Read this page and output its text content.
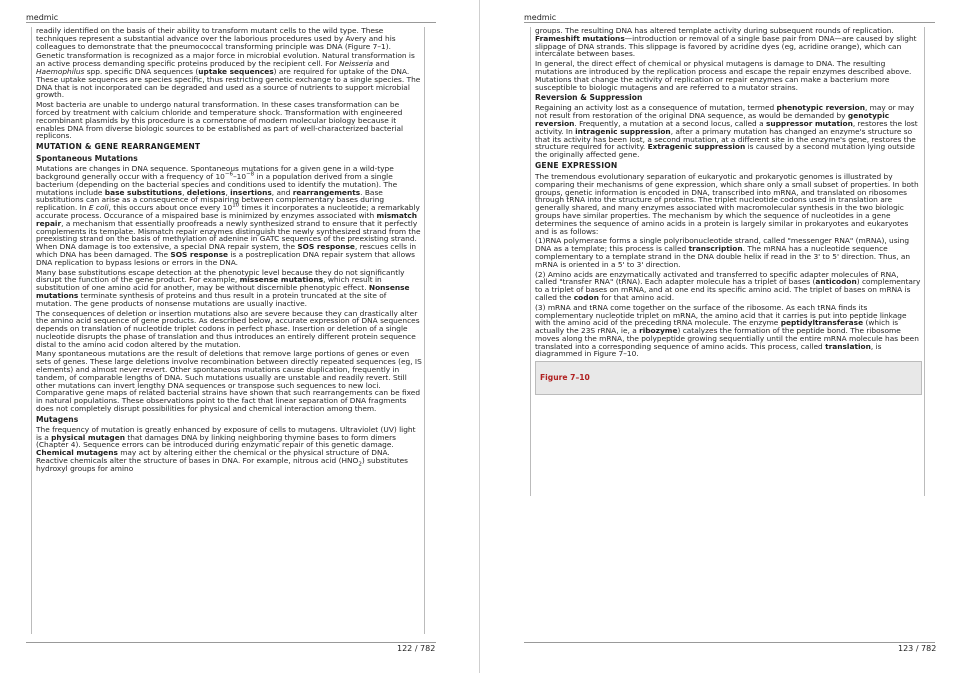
medmic

readily identified on the basis of their ability to transform mutant cells to the wild type. These techniques represent a substantial advance over the laborious procedures used by Avery and his colleagues to demonstrate that the pneumococcal transforming principle was DNA (Figure 7–1).

Genetic transformation is recognized as a major force in microbial evolution. Natural transformation is an active process demanding specific proteins produced by the recipient cell. For Neisseria and Haemophilus spp. specific DNA sequences (uptake sequences) are required for uptake of the DNA. These uptake sequences are species specific, thus restricting genetic exchange to a single species. The DNA that is not incorporated can be degraded and used as a source of nutrients to support microbial growth.

Most bacteria are unable to undergo natural transformation. In these cases transformation can be forced by treatment with calcium chloride and temperature shock. Transformation with engineered recombinant plasmids by this procedure is a cornerstone of modern molecular biology because it enables DNA from diverse biologic sources to be established as part of well-characterized bacterial replicons.

MUTATION & GENE REARRANGEMENT
Spontaneous Mutations

Mutations are changes in DNA sequence. Spontaneous mutations for a given gene in a wild-type background generally occur with a frequency of $10^{-6}-10^{-8}$ in a population derived from a single bacterium (depending on the bacterial species and conditions used to identify the mutation). The mutations include base substitutions, deletions, insertions, and rearrangements. Base substitutions can arise as a consequence of mispairing between complementary bases during replication. In E coli, this occurs about once every $10^{10}$ times it incorporates a nucleotide; a remarkably accurate process. Occurance of a mispaired base is minimized by enzymes associated with mismatch repair, a mechanism that essentially proofreads a newly synthesized strand to ensure that it perfectly complements its template. Mismatch repair enzymes distinguish the newly synthesized strand from the preexisting strand on the basis of methylation of adenine in GATC sequences of the preexisting strand. When DNA damage is too extensive, a special DNA repair system, the SOS response, rescues cells in which DNA has been damaged. The SOS response is a postreplication DNA repair system that allows DNA replication to bypass lesions or errors in the DNA.

Many base substitutions escape detection at the phenotypic level because they do not significantly disrupt the function of the gene product. For example, missense mutations, which result in substitution of one amino acid for another, may be without discernible phenotypic effect. Nonsense mutations terminate synthesis of proteins and thus result in a protein truncated at the site of mutation. The gene products of nonsense mutations are usually inactive.

The consequences of deletion or insertion mutations also are severe because they can drastically alter the amino acid sequence of gene products. As described below, accurate expression of DNA sequences depends on translation of nucleotide triplet codons in perfect phase. Insertion or deletion of a single nucleotide disrupts the phase of translation and thus introduces an entirely different protein sequence distal to the amino acid codon altered by the mutation.

Many spontaneous mutations are the result of deletions that remove large portions of genes or even sets of genes. These large deletions involve recombination between directly repeated sequences (eg, IS elements) and almost never revert. Other spontaneous mutations cause duplication, frequently in tandem, of comparable lengths of DNA. Such mutations usually are unstable and readily revert. Still other mutations can invert lengthy DNA sequences or transpose such sequences to new loci. Comparative gene maps of related bacterial strains have shown that such rearrangements can be fixed in natural populations. These observations point to the fact that linear separation of DNA fragments does not completely disrupt possibilities for physical and chemical interaction among them.

Mutagens

The frequency of mutation is greatly enhanced by exposure of cells to mutagens. Ultraviolet (UV) light is a physical mutagen that damages DNA by linking neighboring thymine bases to form dimers (Chapter 4). Sequence errors can be introduced during enzymatic repair of this genetic damage. Chemical mutagens may act by altering either the chemical or the physical structure of DNA. Reactive chemicals alter the structure of bases in DNA. For example, nitrous acid $(HNO_2)$ substitutes hydroxyl groups for amino

122 / 782
medmic
123 / 782

groups. The resulting DNA has altered template activity during subsequent rounds of replication. Frameshift mutations—introduction or removal of a single base pair from DNA—are caused by slight slippage of DNA strands. This slippage is favored by acridine dyes (eg, acridine orange), which can intercalate between bases.

In general, the direct effect of chemical or physical mutagens is damage to DNA. The resulting mutations are introduced by the replication process and escape the repair enzymes described above. Mutations that change the activity of replication or repair enzymes can make a bacterium more susceptible to biologic mutagens and are referred to a mutator strains.

Reversion & Suppression

Regaining an activity lost as a consequence of mutation, termed phenotypic reversion, may or may not result from restoration of the original DNA sequence, as would be demanded by genotypic reversion. Frequently, a mutation at a second locus, called a suppressor mutation, restores the lost activity. In intragenic suppression, after a primary mutation has changed an enzyme's structure so that its activity has been lost, a second mutation, at a different site in the enzyme's gene, restores the structure required for activity. Extragenic suppression is caused by a second mutation lying outside the originally affected gene.

GENE EXPRESSION

The tremendous evolutionary separation of eukaryotic and prokaryotic genomes is illustrated by comparing their mechanisms of gene expression, which share only a small subset of properties. In both groups, genetic information is encoded in DNA, transcribed into mRNA, and translated on ribosomes through tRNA into the structure of proteins. The triplet nucleotide codons used in translation are generally shared, and many enzymes associated with macromolecular synthesis in the two biologic groups have similar properties. The mechanism by which the sequence of nucleotides in a gene determines the sequence of amino acids in a protein is largely similar in prokaryotes and eukaryotes and is as follows:

(1)RNA polymerase forms a single polyribonucleotide strand, called "messenger RNA" (mRNA), using DNA as a template; this process is called transcription. The mRNA has a nucleotide sequence complementary to a template strand in the DNA double helix if read in the 3' to 5' direction. Thus, an mRNA is oriented in a 5' to 3' direction.

(2) Amino acids are enzymatically activated and transferred to specific adapter molecules of RNA, called "transfer RNA" (tRNA). Each adapter molecule has a triplet of bases (anticodon) complementary to a triplet of bases on mRNA, and at one end its specific amino acid. The triplet of bases on mRNA is called the codon for that amino acid.

(3) mRNA and tRNA come together on the surface of the ribosome. As each tRNA finds its complementary nucleotide triplet on mRNA, the amino acid that it carries is put into peptide linkage with the amino acid of the preceding tRNA molecule. The enzyme peptidyltransferase (which is actually the 23S rRNA, ie, a ribozyme) catalyzes the formation of the peptide bond. The ribosome moves along the mRNA, the polypeptide growing sequentially until the entire mRNA molecule has been translated into a corresponding sequence of amino acids. This process, called translation, is diagrammed in Figure 7–10.

Figure 7–10
